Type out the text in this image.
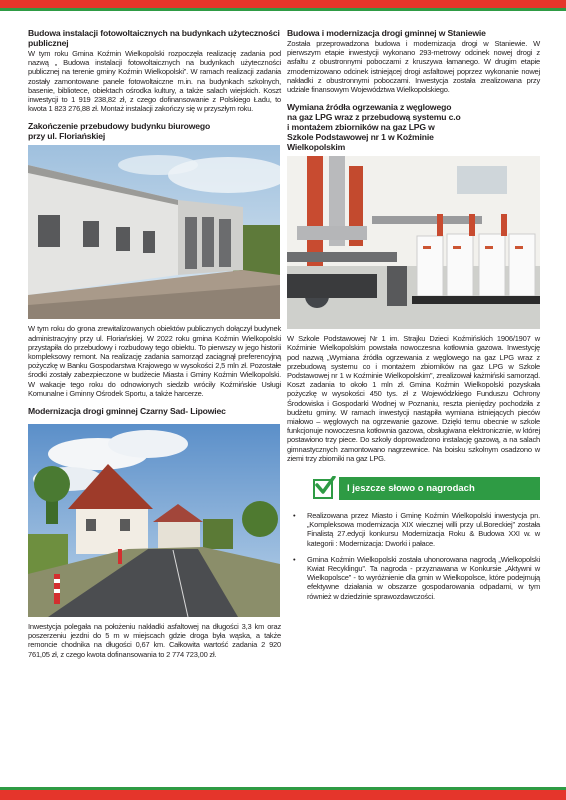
Budowa instalacji fotowoltaicznych na budynkach użyteczności publicznej

W tym roku Gmina Koźmin Wielkopolski rozpoczęła realizację zadania pod nazwą „ Budowa instalacji fotowoltaicznych na budynkach użyteczności publicznej na terenie gminy Koźmin Wielkopolski”. W ramach realizacji zadania zostały zamontowane panele fotowoltaiczne m.in. na budynkach szkolnych, basenie, bibliotece, obiektach ośrodka kultury, a także salach wiejskich. Koszt inwestycji to 1 919 238,82 zł, z czego dofinansowanie z Polskiego Ładu, to kwota 1 823 276,88 zł. Montaż instalacji zakończy się w przyszłym roku.

Zakończenie przebudowy budynku biurowego przy ul. Floriańskiej

W tym roku do grona zrewitalizowanych obiektów publicznych dołączył budynek administracyjny przy ul. Floriańskiej. W 2022 roku gmina Koźmin Wielkopolski przystąpiła do przebudowy i rozbudowy tego obiektu. To pierwszy w jego historii kompleksowy remont. Na realizację zadania samorząd zaciągnął preferencyjną pożyczkę w Banku Gospodarstwa Krajowego w wysokości 2,5 mln zł. Pozostałe środki zostały zabezpieczone w budżecie Miasta i Gminy Koźmin Wielkopolski. W wakacje tego roku do odnowionych siedzib wróciły Koźmińskie Usługi Komunalne i Gminny Ośrodek Sportu, a także harcerze.

Modernizacja drogi gminnej Czarny Sad- Lipowiec

Inwestycja polegała na położeniu nakładki asfaltowej na długości 3,3 km oraz poszerzeniu jezdni do 5 m w miejscach gdzie droga była wąska, a także remoncie chodnika na długości 0,67 km. Całkowita wartość zadania 2 920 761,05 zł, z czego kwota dofinansowania to 2 774 723,00 zł.

Budowa i modernizacja drogi gminnej w Staniewie

Została przeprowadzona budowa i modernizacja drogi w Staniewie. W pierwszym etapie inwestycji wykonano 293-metrowy odcinek nowej drogi z asfaltu z obustronnymi poboczami z kruszywa łamanego. W drugim etapie zmodernizowano odcinek istniejącej drogi asfaltowej poprzez wykonanie nowej nakładki z obustronnymi poboczami. Inwestycja została zrealizowana przy udziale finansowym Województwa Wielkopolskiego.

Wymiana źródła ogrzewania z węglowego na gaz LPG wraz z przebudową systemu c.o i montażem zbiorników na gaz LPG w Szkole Podstawowej nr 1 w Koźminie Wielkopolskim

W Szkole Podstawowej Nr 1 im. Strajku Dzieci Koźmińskich 1906/1907 w Koźminie Wielkopolskim powstała nowoczesna kotłownia gazowa. Inwestycję pod nazwą „Wymiana źródła ogrzewania z węglowego na gaz LPG wraz z przebudową systemu co i montażem zbiorników na gaz LPG w Szkole Podstawowej nr 1 w Koźminie Wielkopolskim”, zrealizował każmiński samorząd. Koszt zadania to około 1 mln zł. Gmina Koźmin Wielkopolski pozyskała pożyczkę w wysokości 450 tys. zł z Wojewódzkiego Funduszu Ochrony Środowiska i Gospodarki Wodnej w Poznaniu, reszta pieniędzy pochodziła z budżetu gminy. W ramach inwestycji nastąpiła wymiana istniejących pieców miałowo – węglowych na ogrzewanie gazowe. Dzięki temu obecnie w szkole funkcjonuje nowoczesna kotłownia gazowa, obsługiwana elektronicznie, w której postawiono trzy piece. Do szkoły doprowadzono instalację gazową, a na salach gimnastycznych zamontowano nagrzewnice. Na boisku szkolnym osadzono w ziemi trzy zbiorniki na gaz LPG.

I jeszcze słowo o nagrodach
• Realizowana przez Miasto i Gminę Koźmin Wielkopolski inwestycja pn. „Kompleksowa modernizacja XIX wiecznej willi przy ul.Boreckiej” została Finalistą 27.edycji konkursu Modernizacja Roku & Budowa XXI w. w kategorii : Modernizacja: Dworki i pałace.
• Gmina Koźmin Wielkopolski została uhonorowana nagrodą „Wielkopolski Kwiat Recyklingu”. Ta nagroda - przyznawana w Konkursie „Aktywni w Wielkopolsce” - to wyróżnienie dla gmin w Wielkopolsce, które podejmują efektywne działania w obszarze gospodarowania odpadami, w tym również w dziedzinie sprawozdawczości.
